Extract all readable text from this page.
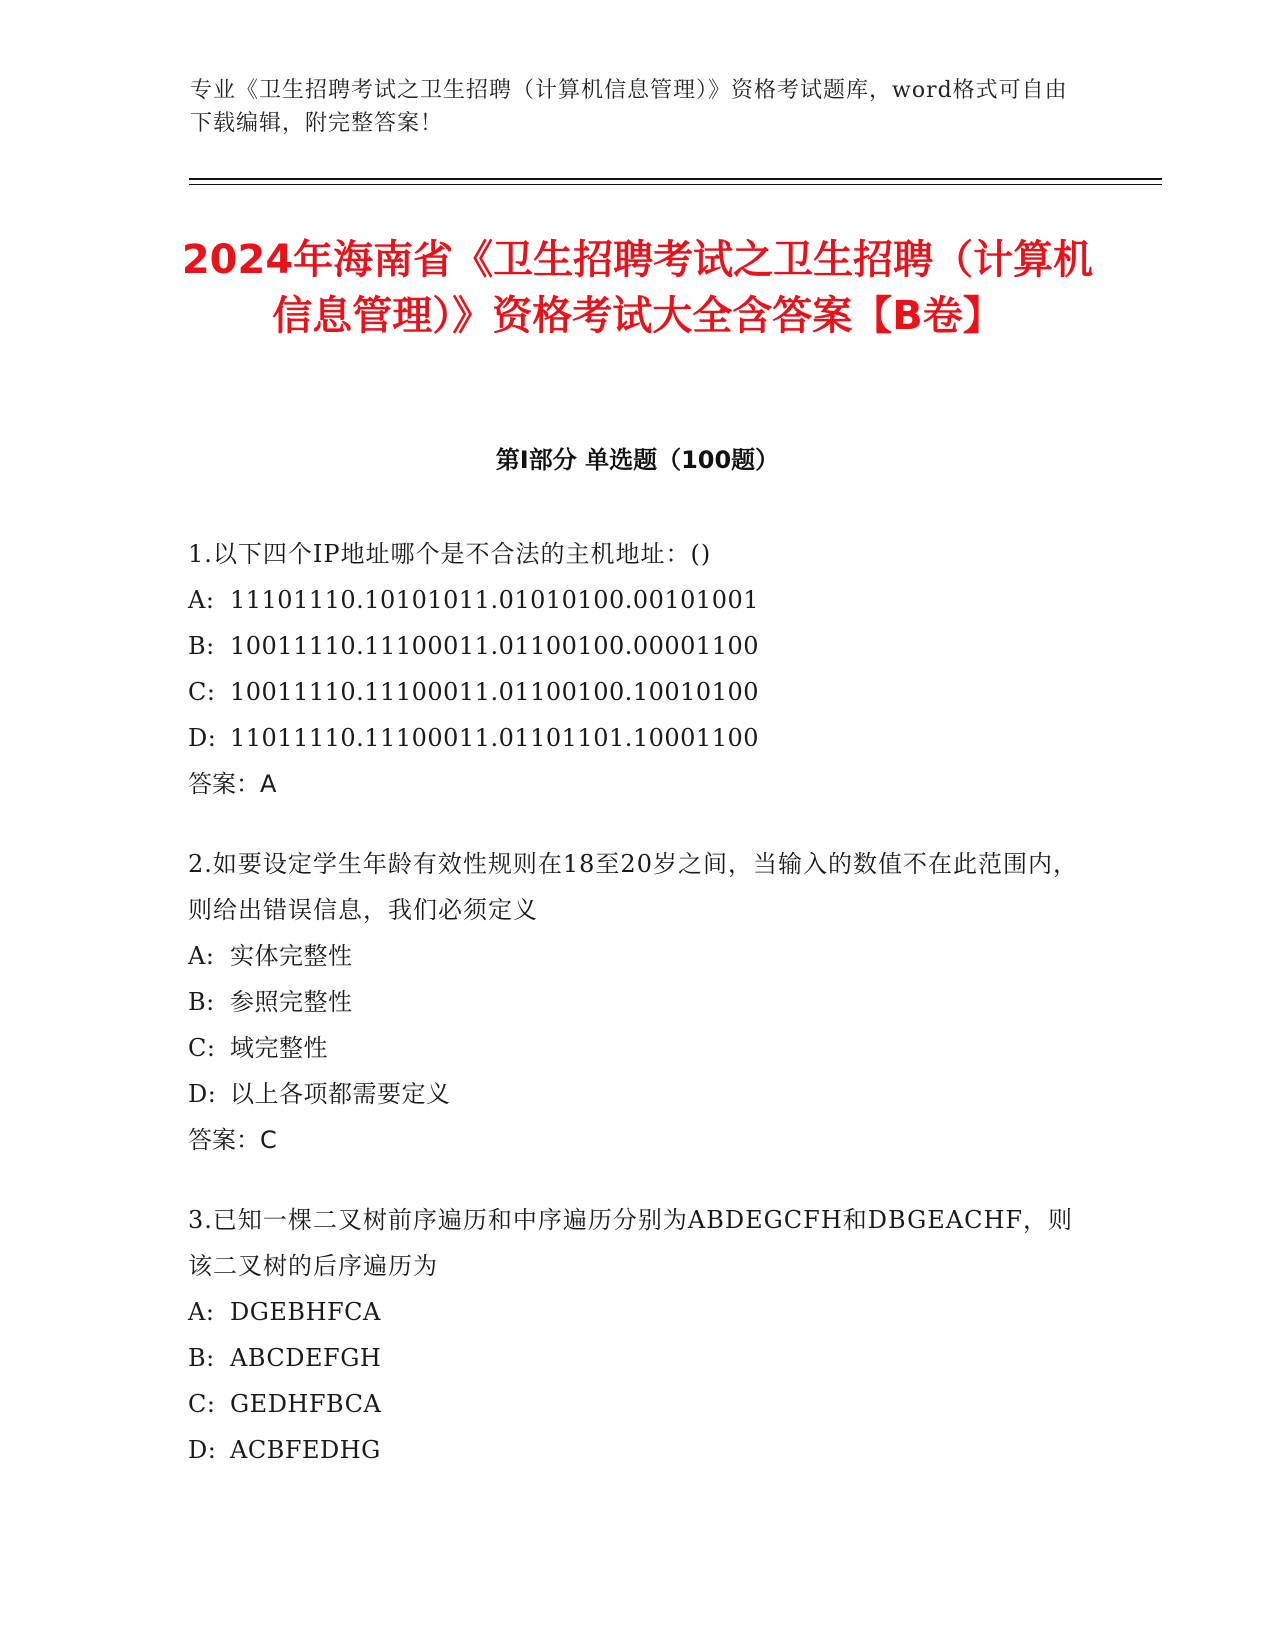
专业《卫生招聘考试之卫生招聘（计算机信息管理）》资格考试题库，word格式可自由下载编辑，附完整答案！
2024年海南省《卫生招聘考试之卫生招聘（计算机信息管理）》资格考试大全含答案【B卷】
第I部分 单选题（100题）

1.以下四个IP地址哪个是不合法的主机地址：()

A: 11101110.10101011.01010100.00101001
B: 10011110.11100011.01100100.00001100
C: 10011110.11100011.01100100.10010100
D: 11011110.11100011.01101101.10001100
答案：A

2.如要设定学生年龄有效性规则在18至20岁之间，当输入的数值不在此范围内，则给出错误信息，我们必须定义

A: 实体完整性
B: 参照完整性
C: 域完整性
D: 以上各项都需要定义
答案：C

3.已知一棵二叉树前序遍历和中序遍历分别为ABDEGCFH和DBGEACHF，则该二叉树的后序遍历为

A: DGEBHFCA
B: ABCDEFGH
C: GEDHFBCA
D: ACBFEDHG
